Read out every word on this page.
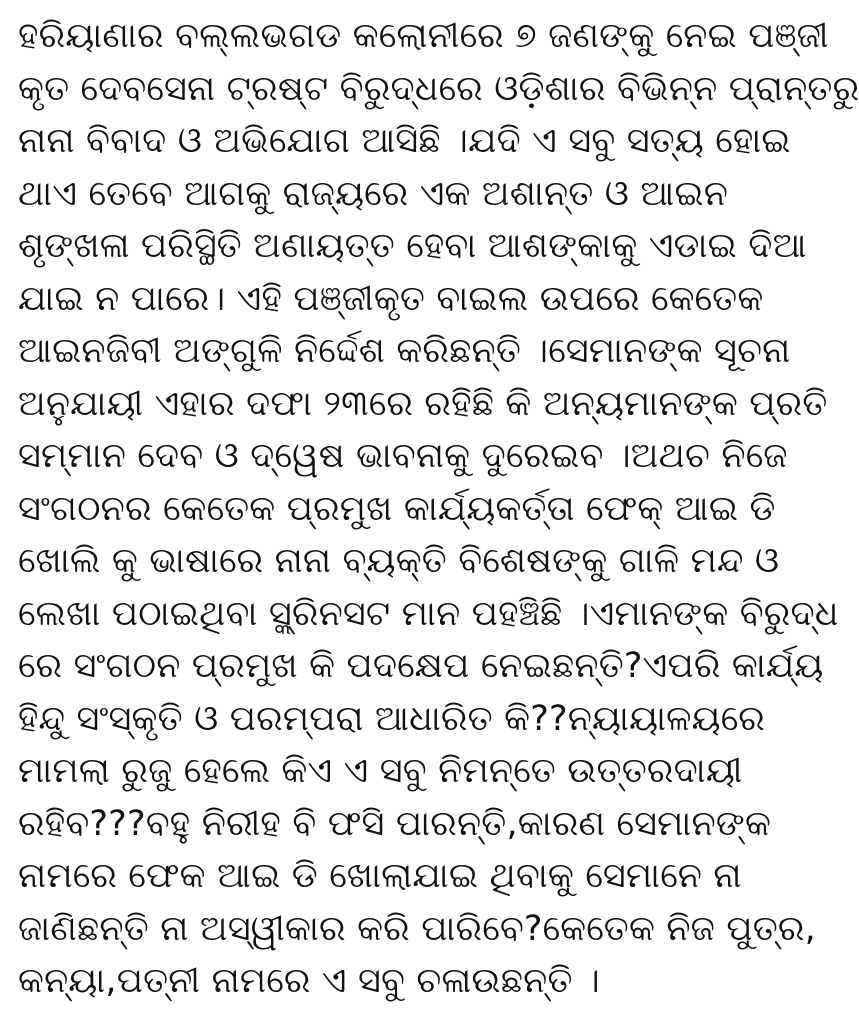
ହରିୟାଣାର ବଲ୍ଲଭଗଡ କଲୋନୀରେ ୭ ଜଣଙ୍କୁ ନେଇ ପଞ୍ଜୀ
କୃତ ଦେବସେନା ଟ୍ରଷ୍ଟ ବିରୁଦ୍ଧରେ ଓଡ଼ିଶାର ବିଭିନ୍ନ ପ୍ରାନ୍ତରୁ
ନାନା ବିବାଦ ଓ ଅଭିଯୋଗ ଆସିଛି ।ଯଦି ଏ ସବୁ ସତ୍ୟ ହୋଇ
ଥାଏ ତେବେ ଆଗକୁ ରାଜ୍ୟରେ ଏକ ଅଶାନ୍ତ ଓ ଆଇନ
ଶୃଙ୍ଖଳା ପରିସ୍ଥିତି ଅଣାୟତ୍ତ ହେବା ଆଶଙ୍କାକୁ ଏଡାଇ ଦିଆ
ଯାଇ ନ ପାରେ। ଏହି ପଞ୍ଜୀକୃତ ବାଇଲ ଉପରେ କେତେକ
ଆଇନଜିବୀ ଅଙ୍ଗୁଳି ନିର୍ଦ୍ଦେଶ କରିଛନ୍ତି ।ସେମାନଙ୍କ ସୂଚନା
ଅନୁଯାୟୀ ଏହାର ଦଫା ୨୩ରେ ରହିଛି କି ଅନ୍ୟମାନଙ୍କ ପ୍ରତି
ସମ୍ମାନ ଦେବ ଓ ଦ୍ୱେଷ ଭାବନାକୁ ଦୁରେଇବ ।ଅଥଚ ନିଜେ
ସଂଗଠନର କେତେକ ପ୍ରମୁଖ କାର୍ଯ୍ୟକର୍ତ୍ତା ଫେକ୍ ଆଇ ଡି
ଖୋଲି କୁ ଭାଷାରେ ନାନା ବ୍ୟକ୍ତି ବିଶେଷଙ୍କୁ ଗାଳି ମନ୍ଦ ଓ
ଲେଖା ପଠାଇଥିବା ସ୍କ୍ରିନସଟ ମାନ ପହଞ୍ଚିଛି ।ଏମାନଙ୍କ ବିରୁଦ୍ଧ
ରେ ସଂଗଠନ ପ୍ରମୁଖ କି ପଦକ୍ଷେପ ନେଇଛନ୍ତି?ଏପରି କାର୍ଯ୍ୟ
ହିନ୍ଦୁ ସଂସ୍କୃତି ଓ ପରମ୍ପରା ଆଧାରିତ କି??ନ୍ୟାୟାଳୟରେ
ମାମଲା ରୁଜୁ ହେଲେ କିଏ ଏ ସବୁ ନିମନ୍ତେ ଉତ୍ତରଦାୟୀ
ରହିବ???ବହୁ ନିରୀହ ବି ଫସି ପାରନ୍ତି,କାରଣ ସେମାନଙ୍କ
ନାମରେ ଫେକ ଆଇ ଡି ଖୋଲାଯାଇ ଥିବାକୁ ସେମାନେ ନା
ଜାଣିଛନ୍ତି ନା ଅସ୍ୱୀକାର କରି ପାରିବେ?କେତେକ ନିଜ ପୁତ୍ର,
କନ୍ୟା,ପତ୍ନୀ ନାମରେ ଏ ସବୁ ଚଳାଉଛନ୍ତି ।
